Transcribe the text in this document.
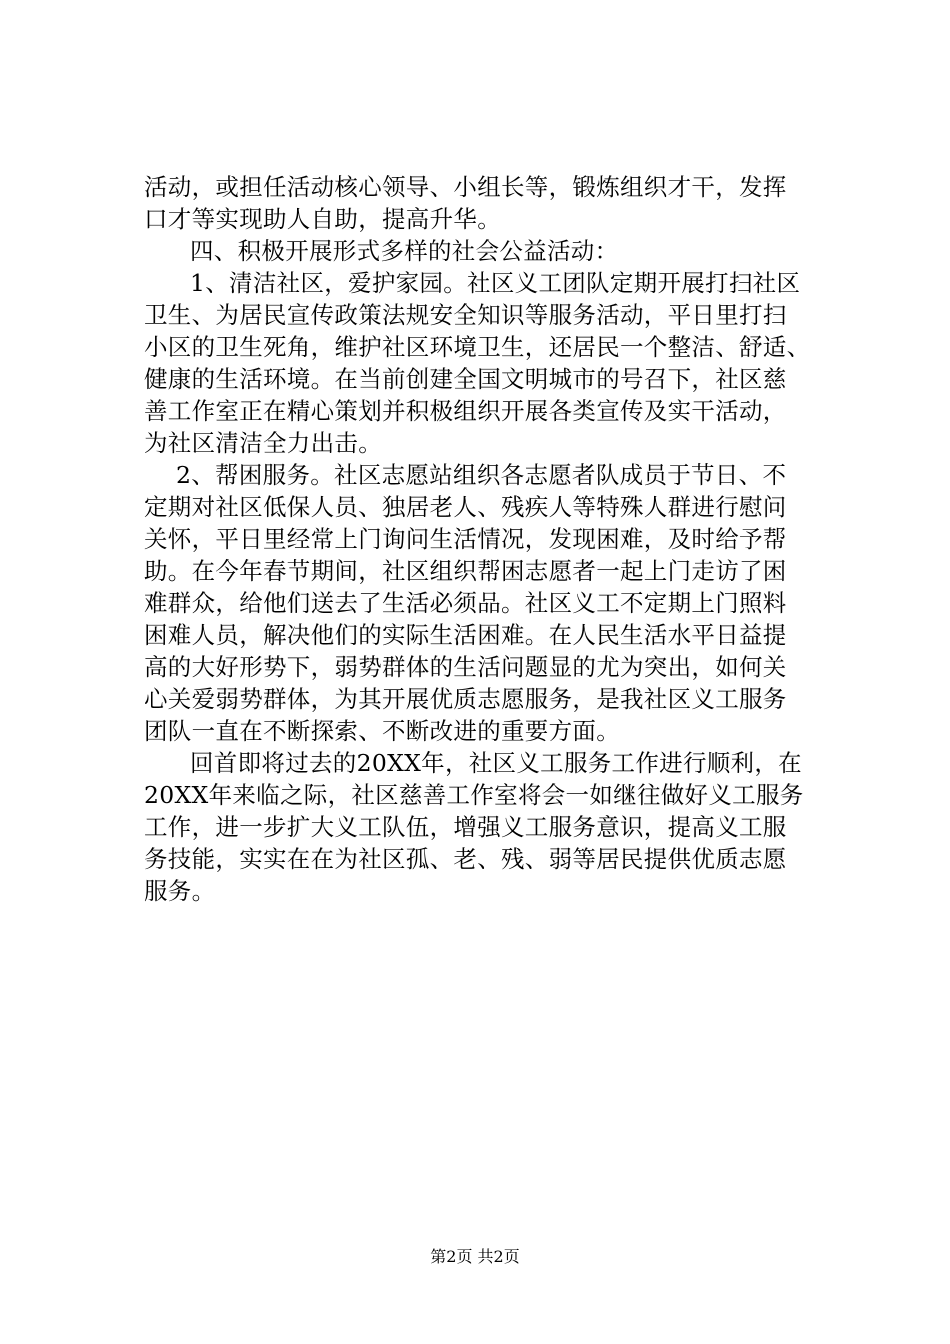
活动，或担任活动核心领导、小组长等，锻炼组织才干，发挥
口才等实现助人自助，提高升华。
四、积极开展形式多样的社会公益活动：
1、清洁社区，爱护家园。社区义工团队定期开展打扫社区
卫生、为居民宣传政策法规安全知识等服务活动，平日里打扫
小区的卫生死角，维护社区环境卫生，还居民一个整洁、舒适、
健康的生活环境。在当前创建全国文明城市的号召下，社区慈
善工作室正在精心策划并积极组织开展各类宣传及实干活动，
为社区清洁全力出击。
2、帮困服务。社区志愿站组织各志愿者队成员于节日、不
定期对社区低保人员、独居老人、残疾人等特殊人群进行慰问
关怀，平日里经常上门询问生活情况，发现困难，及时给予帮
助。在今年春节期间，社区组织帮困志愿者一起上门走访了困
难群众，给他们送去了生活必须品。社区义工不定期上门照料
困难人员，解决他们的实际生活困难。在人民生活水平日益提
高的大好形势下，弱势群体的生活问题显的尤为突出，如何关
心关爱弱势群体，为其开展优质志愿服务，是我社区义工服务
团队一直在不断探索、不断改进的重要方面。
回首即将过去的20XX年，社区义工服务工作进行顺利，在
20XX年来临之际，社区慈善工作室将会一如继往做好义工服务
工作，进一步扩大义工队伍，增强义工服务意识，提高义工服
务技能，实实在在为社区孤、老、残、弱等居民提供优质志愿
服务。
第2页 共2页
